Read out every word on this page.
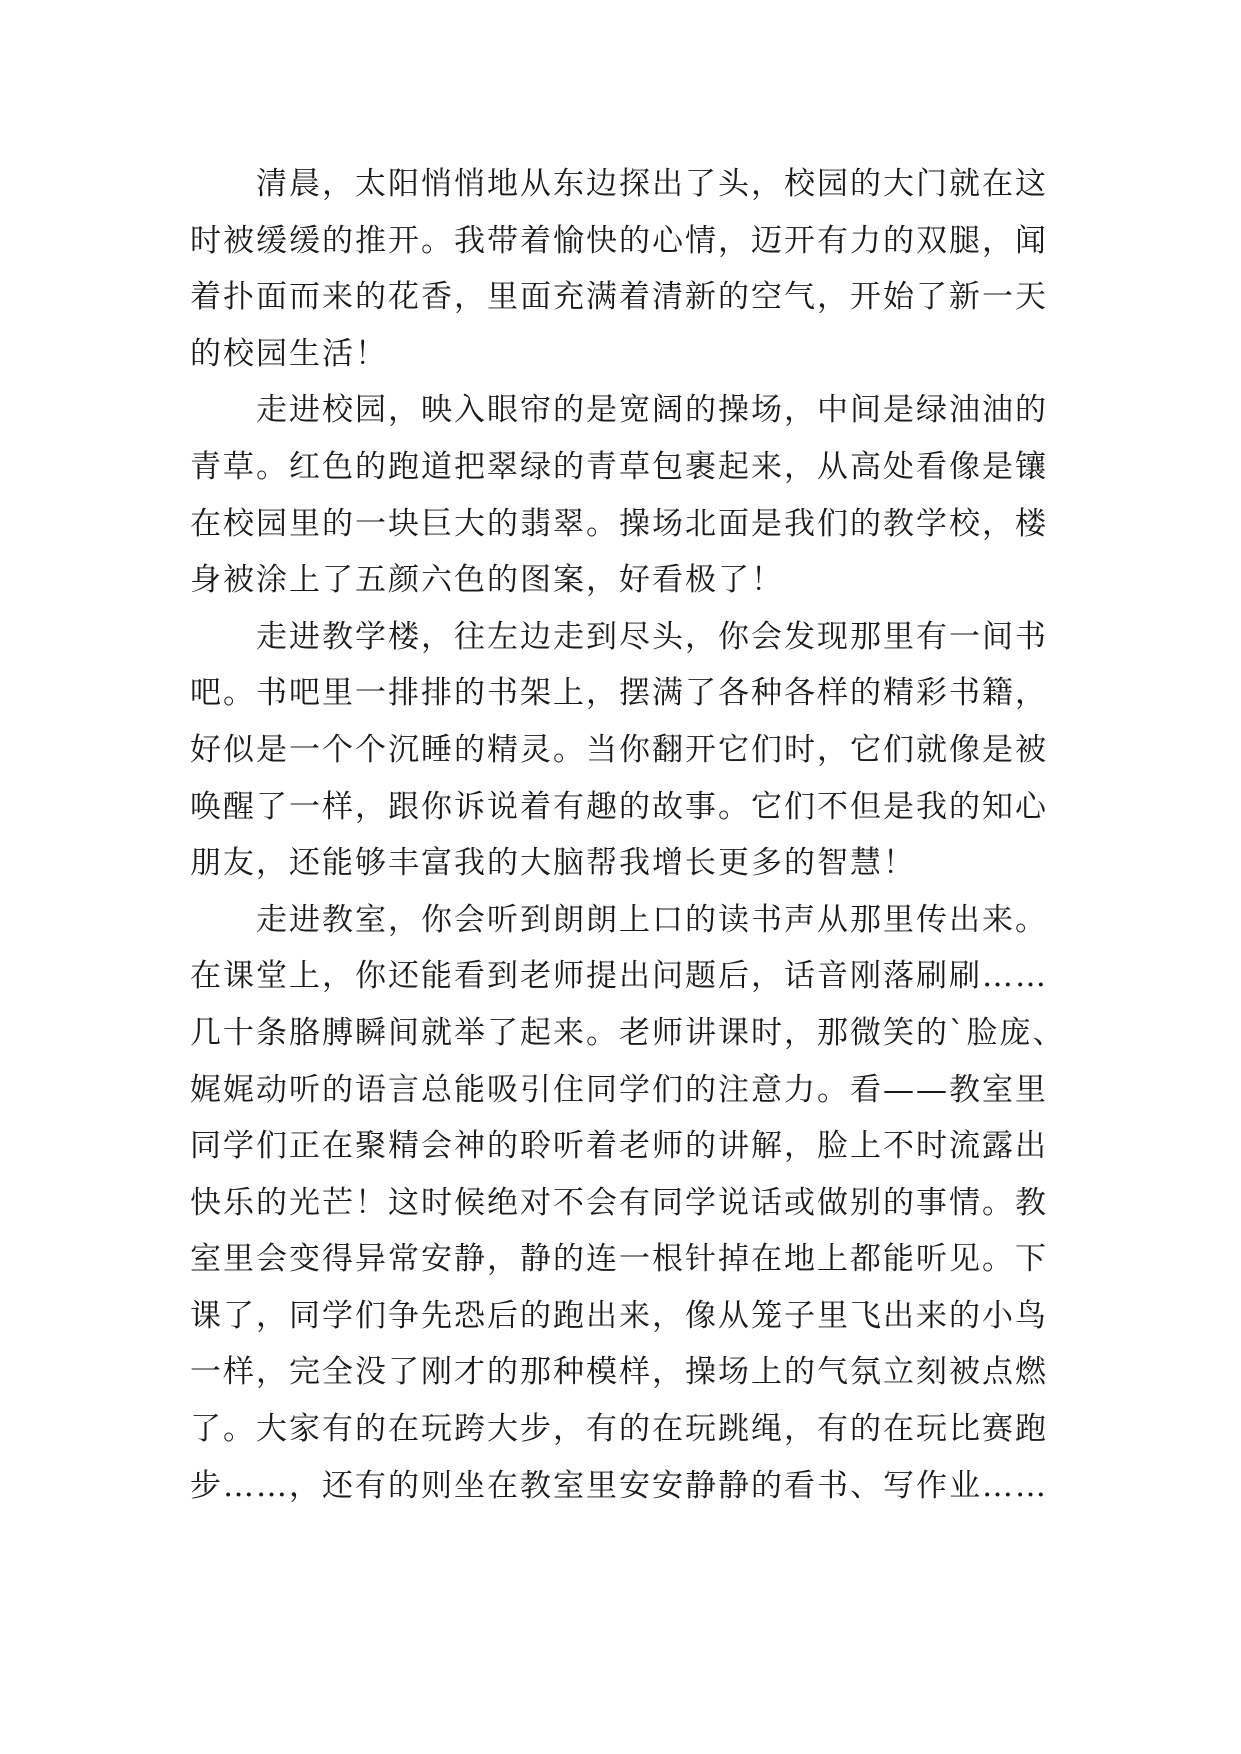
清晨，太阳悄悄地从东边探出了头，校园的大门就在这
时被缓缓的推开。我带着愉快的心情，迈开有力的双腿，闻
着扑面而来的花香，里面充满着清新的空气，开始了新一天
的校园生活！
走进校园，映入眼帘的是宽阔的操场，中间是绿油油的
青草。红色的跑道把翠绿的青草包裹起来，从高处看像是镶
在校园里的一块巨大的翡翠。操场北面是我们的教学校，楼
身被涂上了五颜六色的图案，好看极了！
走进教学楼，往左边走到尽头，你会发现那里有一间书
吧。书吧里一排排的书架上，摆满了各种各样的精彩书籍，
好似是一个个沉睡的精灵。当你翻开它们时，它们就像是被
唤醒了一样，跟你诉说着有趣的故事。它们不但是我的知心
朋友，还能够丰富我的大脑帮我增长更多的智慧！
走进教室，你会听到朗朗上口的读书声从那里传出来。
在课堂上，你还能看到老师提出问题后，话音刚落刷刷……
几十条胳膊瞬间就举了起来。老师讲课时，那微笑的`脸庞、
娓娓动听的语言总能吸引住同学们的注意力。看——教室里
同学们正在聚精会神的聆听着老师的讲解，脸上不时流露出
快乐的光芒！这时候绝对不会有同学说话或做别的事情。教
室里会变得异常安静，静的连一根针掉在地上都能听见。下
课了，同学们争先恐后的跑出来，像从笼子里飞出来的小鸟
一样，完全没了刚才的那种模样，操场上的气氛立刻被点燃
了。大家有的在玩跨大步，有的在玩跳绳，有的在玩比赛跑
步……，还有的则坐在教室里安安静静的看书、写作业……
